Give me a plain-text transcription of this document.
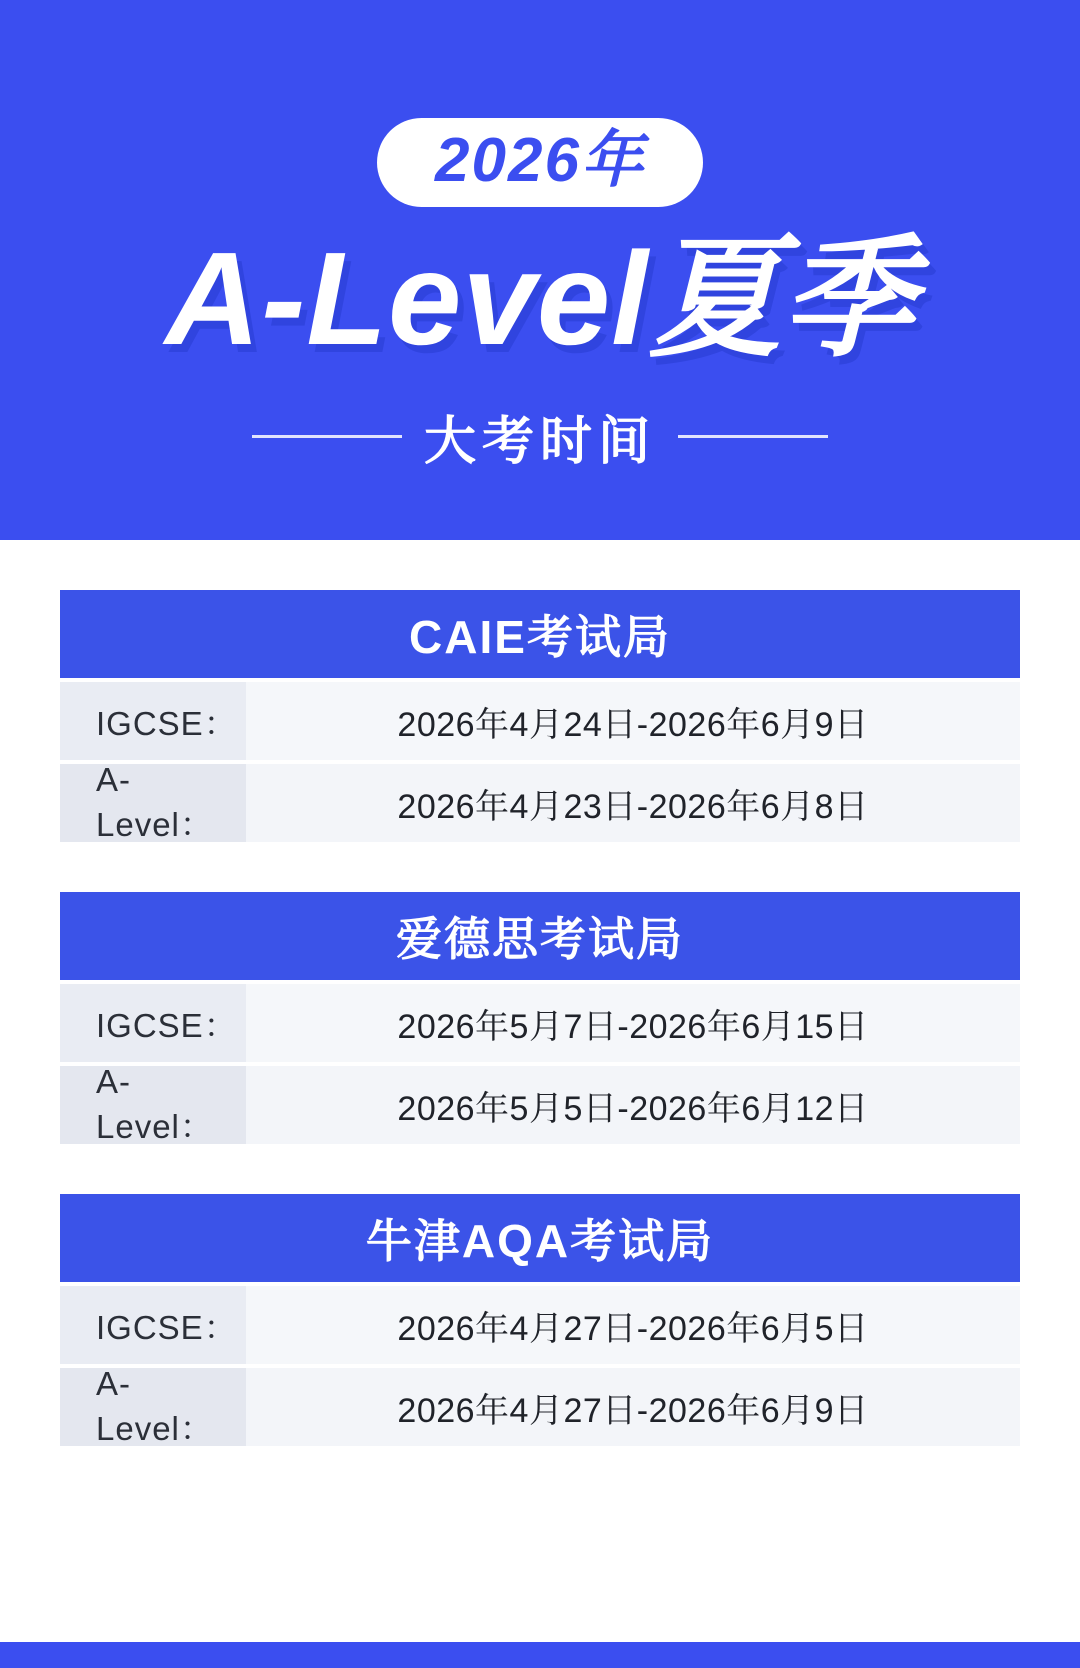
2026年
A-Level夏季
大考时间
CAIE考试局
IGCSE：	2026年4月24日-2026年6月9日
A-Level：	2026年4月23日-2026年6月8日
爱德思考试局
IGCSE：	2026年5月7日-2026年6月15日
A-Level：	2026年5月5日-2026年6月12日
牛津AQA考试局
IGCSE：	2026年4月27日-2026年6月5日
A-Level：	2026年4月27日-2026年6月9日
